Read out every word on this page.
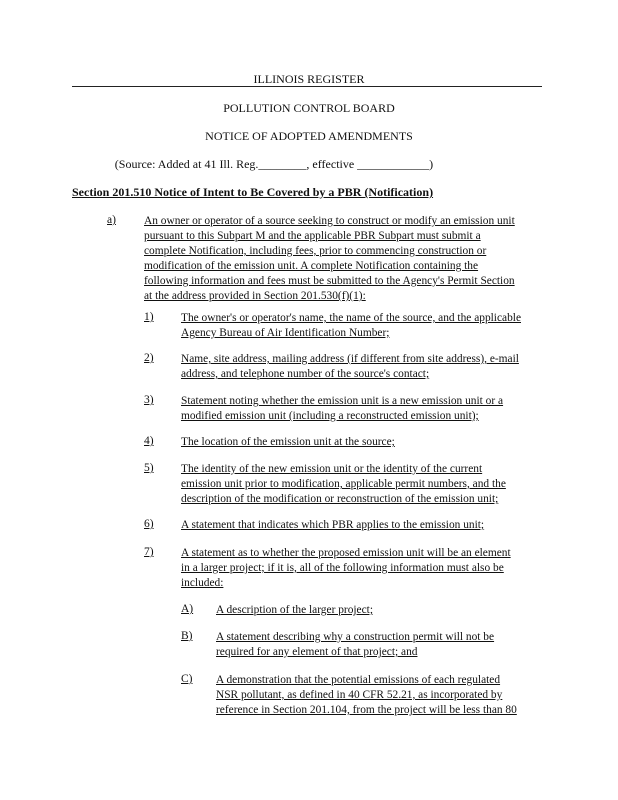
ILLINOIS REGISTER
POLLUTION CONTROL BOARD
NOTICE OF ADOPTED AMENDMENTS
(Source: Added at 41 Ill. Reg.________, effective ____________)
Section 201.510 Notice of Intent to Be Covered by a PBR (Notification)
a) An owner or operator of a source seeking to construct or modify an emission unit
pursuant to this Subpart M and the applicable PBR Subpart must submit a
complete Notification, including fees, prior to commencing construction or
modification of the emission unit. A complete Notification containing the
following information and fees must be submitted to the Agency's Permit Section
at the address provided in Section 201.530(f)(1):
1) The owner's or operator's name, the name of the source, and the applicable
Agency Bureau of Air Identification Number;
2) Name, site address, mailing address (if different from site address), e-mail
address, and telephone number of the source's contact;
3) Statement noting whether the emission unit is a new emission unit or a
modified emission unit (including a reconstructed emission unit);
4) The location of the emission unit at the source;
5) The identity of the new emission unit or the identity of the current
emission unit prior to modification, applicable permit numbers, and the
description of the modification or reconstruction of the emission unit;
6) A statement that indicates which PBR applies to the emission unit;
7) A statement as to whether the proposed emission unit will be an element
in a larger project; if it is, all of the following information must also be
included:
A) A description of the larger project;
B) A statement describing why a construction permit will not be
required for any element of that project; and
C) A demonstration that the potential emissions of each regulated
NSR pollutant, as defined in 40 CFR 52.21, as incorporated by
reference in Section 201.104, from the project will be less than 80
